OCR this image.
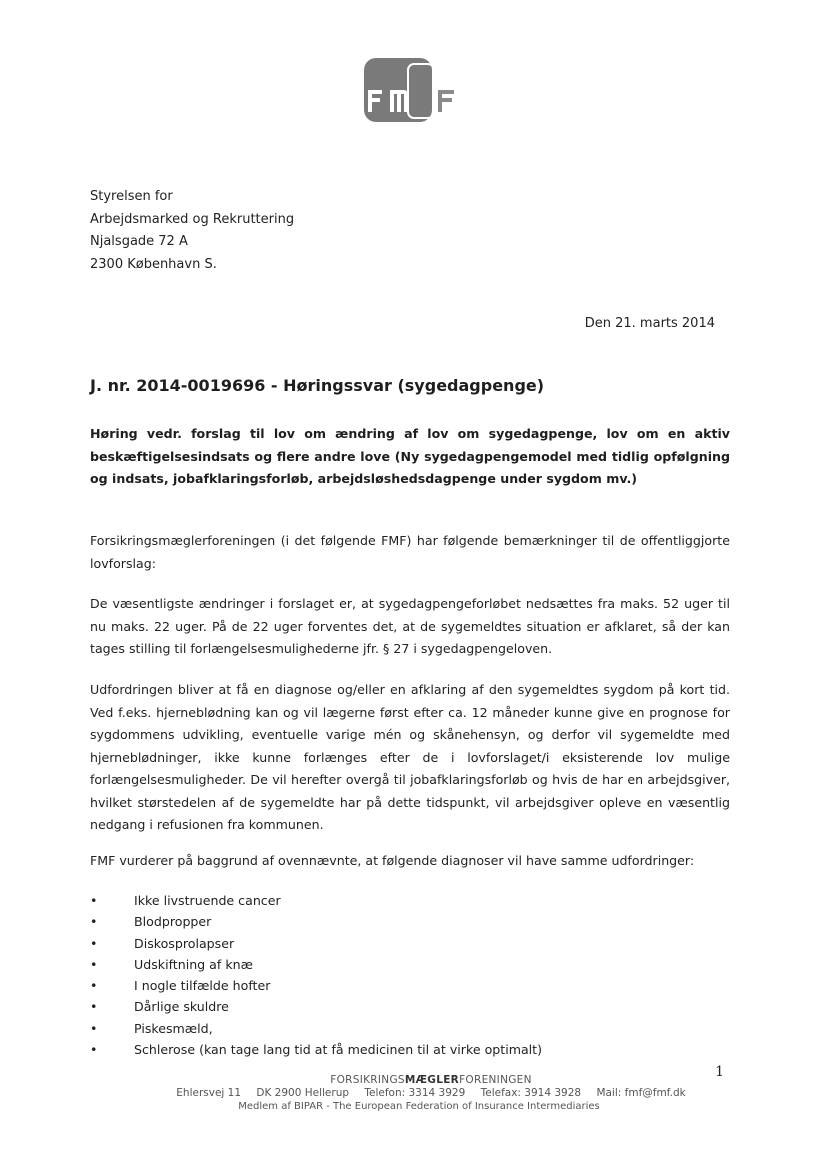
FMF
Styrelsen for
Arbejdsmarked og Rekruttering
Njalsgade 72 A
2300 København S.
Den 21. marts 2014
J. nr. 2014-0019696 - Høringssvar (sygedagpenge)
Høring vedr. forslag til lov om ændring af lov om sygedagpenge, lov om en aktiv beskæftigelsesindsats og flere andre love (Ny sygedagpengemodel med tidlig opfølgning og indsats, jobafklaringsforløb, arbejdsløshedsdagpenge under sygdom mv.)
Forsikringsmæglerforeningen (i det følgende FMF) har følgende bemærkninger til de offentliggjorte lovforslag:
De væsentligste ændringer i forslaget er, at sygedagpengeforløbet nedsættes fra maks. 52 uger til nu maks. 22 uger. På de 22 uger forventes det, at de sygemeldtes situation er afklaret, så der kan tages stilling til forlængelsesmulighederne jfr. § 27 i sygedagpengeloven.
Udfordringen bliver at få en diagnose og/eller en afklaring af den sygemeldtes sygdom på kort tid. Ved f.eks. hjerneblødning kan og vil lægerne først efter ca. 12 måneder kunne give en prognose for sygdommens udvikling, eventuelle varige mén og skånehensyn, og derfor vil sygemeldte med hjerneblødninger, ikke kunne forlænges efter de i lovforslaget/i eksisterende lov mulige forlængelsesmuligheder. De vil herefter overgå til jobafklaringsforløb og hvis de har en arbejdsgiver, hvilket størstedelen af de sygemeldte har på dette tidspunkt, vil arbejdsgiver opleve en væsentlig nedgang i refusionen fra kommunen.
FMF vurderer på baggrund af ovennævnte, at følgende diagnoser vil have samme udfordringer:
•	Ikke livstruende cancer
•	Blodpropper
•	Diskosprolapser
•	Udskiftning af knæ
•	I nogle tilfælde hofter
•	Dårlige skuldre
•	Piskesmæld,
•	Schlerose (kan tage lang tid at få medicinen til at virke optimalt)
1
FORSIKRINGSMÆGLERFORENINGEN
Ehlersvej 11 DK 2900 Hellerup Telefon: 3314 3929 Telefax: 3914 3928 Mail: fmf@fmf.dk
Medlem af BIPAR - The European Federation of Insurance Intermediaries
